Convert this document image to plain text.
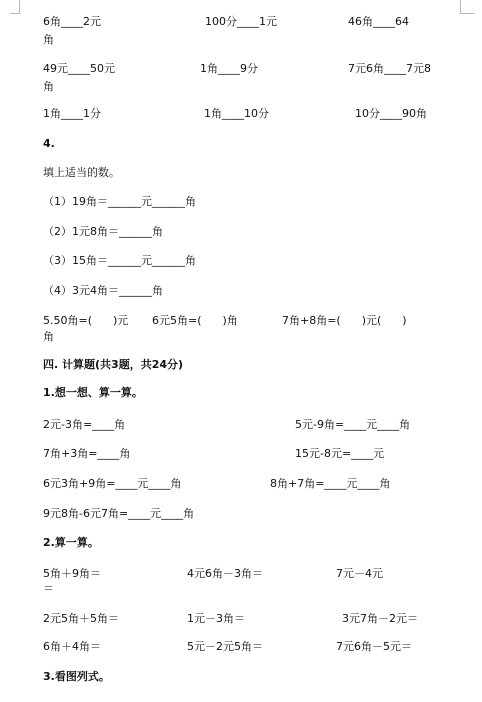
6角____2元	100分____1元	46角____64
角
49元____50元	1角____9分	7元6角____7元8
角
1角____1分	1角____10分	10分____90角
4.
填上适当的数。
（1）19角＝______元______角
（2）1元8角＝______角
（3）15角＝______元______角
（4）3元4角＝______角
5.50角=(      )元 6元5角=(      )角	7角+8角=(      )元(      )
角
四. 计算题(共3题，共24分)
1.想一想、算一算。
2元-3角=____角	5元-9角=____元____角
7角+3角=____角	15元-8元=____元
6元3角+9角=____元____角	8角+7角=____元____角
9元8角-6元7角=____元____角
2.算一算。
5角＋9角＝	4元6角－3角＝	7元－4元
＝
2元5角＋5角＝	1元－3角＝	3元7角－2元＝
6角＋4角＝	5元－2元5角＝	7元6角－5元＝
3.看图列式。
